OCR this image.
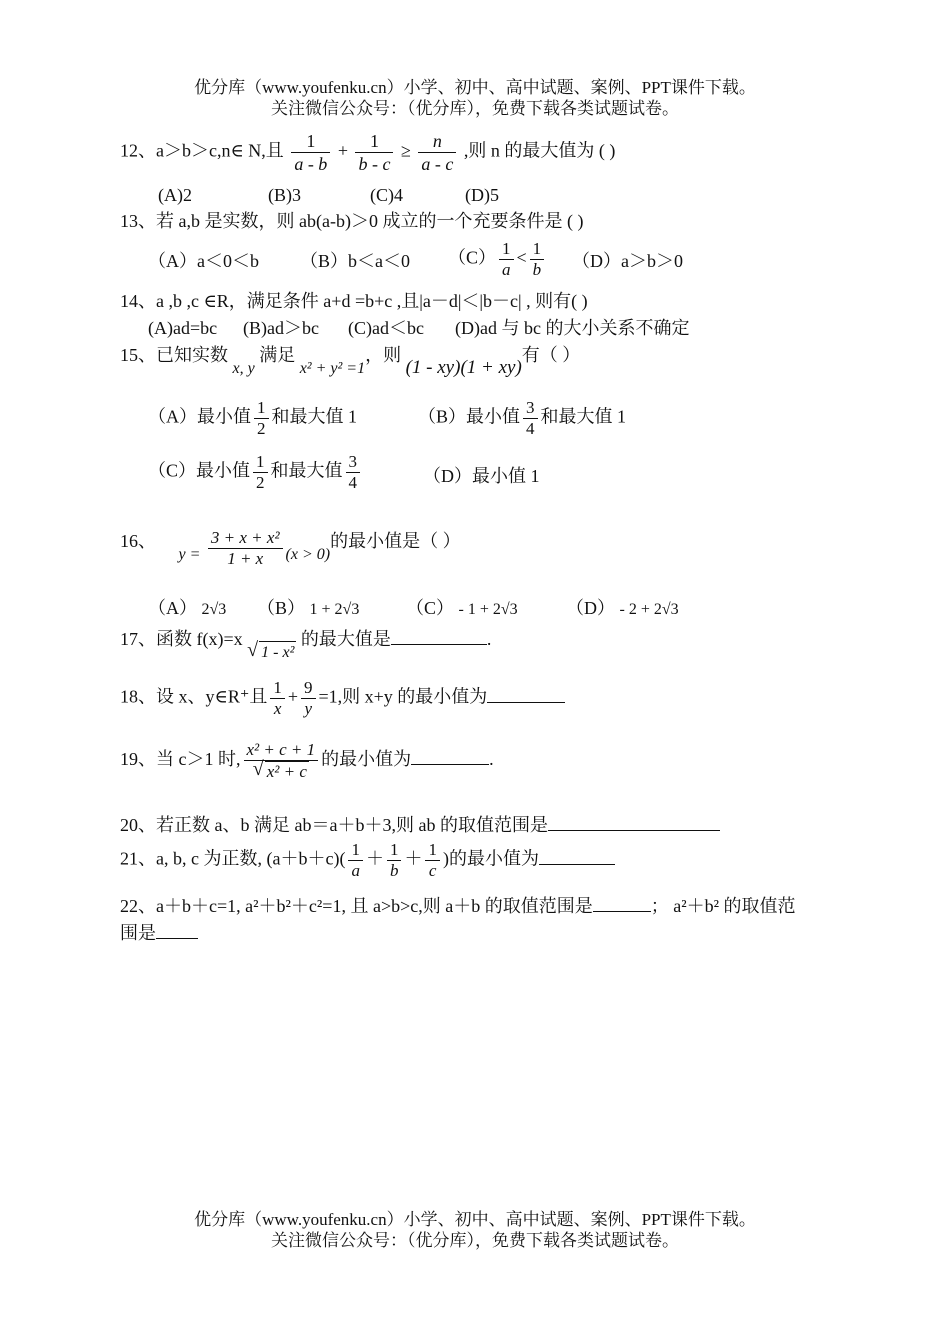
优分库（www.youfenku.cn）小学、初中、高中试题、案例、PPT课件下载。
关注微信公众号：（优分库），免费下载各类试题试卷。
12、a＞b＞c,n∈ N,且 $\frac{1}{a - b} + \frac{1}{b - c} \ge \frac{n}{a - c}$ ,则 n 的最大值为 ( )
(A)2	(B)3	(C)4	(D)5
13、若 a,b 是实数，则 ab(a-b)＞0 成立的一个充要条件是 ( )
（A）a＜0＜b （B）b＜a＜0 $(C) \frac{1}{a} < \frac{1}{b} (D)a>b>0$
14、a ,b ,c ∈R，满足条件 a+d =b+c ,且|a－d|＜|b－c| , 则有( )
(A)ad=bc (B)ad＞bc (C)ad＜bc (D)ad 与 bc 的大小关系不确定
15、已知实数 x, y 满足 x² + y² =1，则 (1 - xy)(1 + xy)有（ ）
（A）最小值 $\frac{1}{2}$ 和最大值 1	（B）最小值 $\frac{3}{4}$ 和最大值 1
（C）最小值 $\frac{1}{2}$ 和最大值 $\frac{3}{4}$	（D）最小值 1
16、 $y = \frac{\text{3 + x + x²}}{1 + x} (x > 0)$的最小值是（ ）
（A） 2√3 （B） 1 + 2√3	（C） - 1 + 2√3	（D） - 2 + 2√3
17、函数 f(x)=x √ 1 - x² 的最大值是	.
18、设 x、y∈R⁺且 $\frac{1}{x} + \frac{9}{y} =1$,则 x+y 的最小值为
19、当 c＞1 时, $\frac{\text{x² + c + 1}}{\text{√ x² + c}}$ 的最小值为	.
20、若正数 a、b 满足 ab＝a＋b＋3,则 ab 的取值范围是
21、a, b, c 为正数, $(a+b+c)( \frac{1}{a} + \frac{1}{b} + \frac{1}{c}$ )的最小值为
22、a＋b＋c=1, a²＋b²＋c²=1, 且 a>b>c,则 a＋b 的取值范围是	； a²＋b² 的取值范
围是
优分库（www.youfenku.cn）小学、初中、高中试题、案例、PPT课件下载。
关注微信公众号：（优分库），免费下载各类试题试卷。
